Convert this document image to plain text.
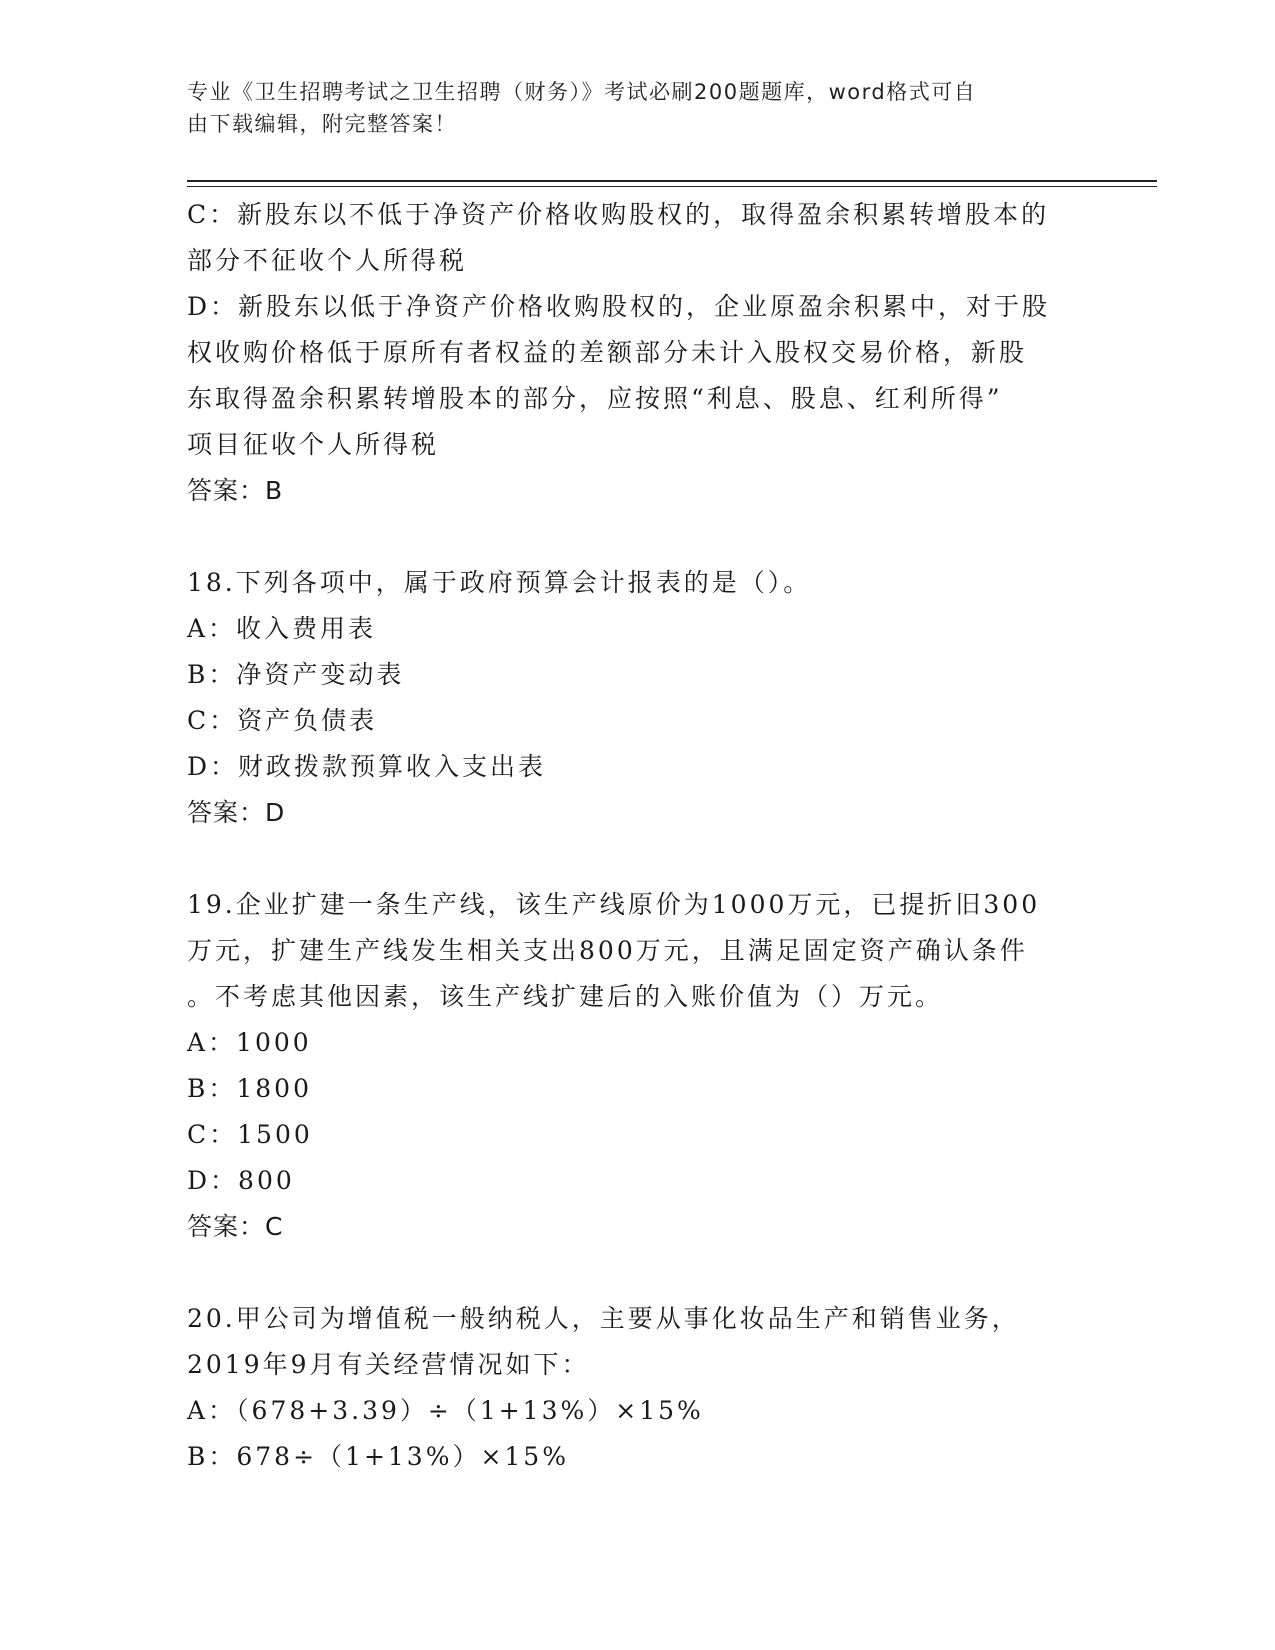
专业《卫生招聘考试之卫生招聘（财务）》考试必刷200题题库，word格式可自
由下载编辑，附完整答案！
C：新股东以不低于净资产价格收购股权的，取得盈余积累转增股本的
部分不征收个人所得税
D：新股东以低于净资产价格收购股权的，企业原盈余积累中，对于股
权收购价格低于原所有者权益的差额部分未计入股权交易价格，新股
东取得盈余积累转增股本的部分，应按照“利息、股息、红利所得”
项目征收个人所得税
答案：B
18.下列各项中，属于政府预算会计报表的是（）。
A：收入费用表
B：净资产变动表
C：资产负债表
D：财政拨款预算收入支出表
答案：D
19.企业扩建一条生产线，该生产线原价为1000万元，已提折旧300
万元，扩建生产线发生相关支出800万元，且满足固定资产确认条件
。不考虑其他因素，该生产线扩建后的入账价值为（）万元。
A：1000
B：1800
C：1500
D：800
答案：C
20.甲公司为增值税一般纳税人，主要从事化妆品生产和销售业务，
2019年9月有关经营情况如下：
A：（678+3.39）÷（1+13%）×15%
B：678÷（1+13%）×15%
